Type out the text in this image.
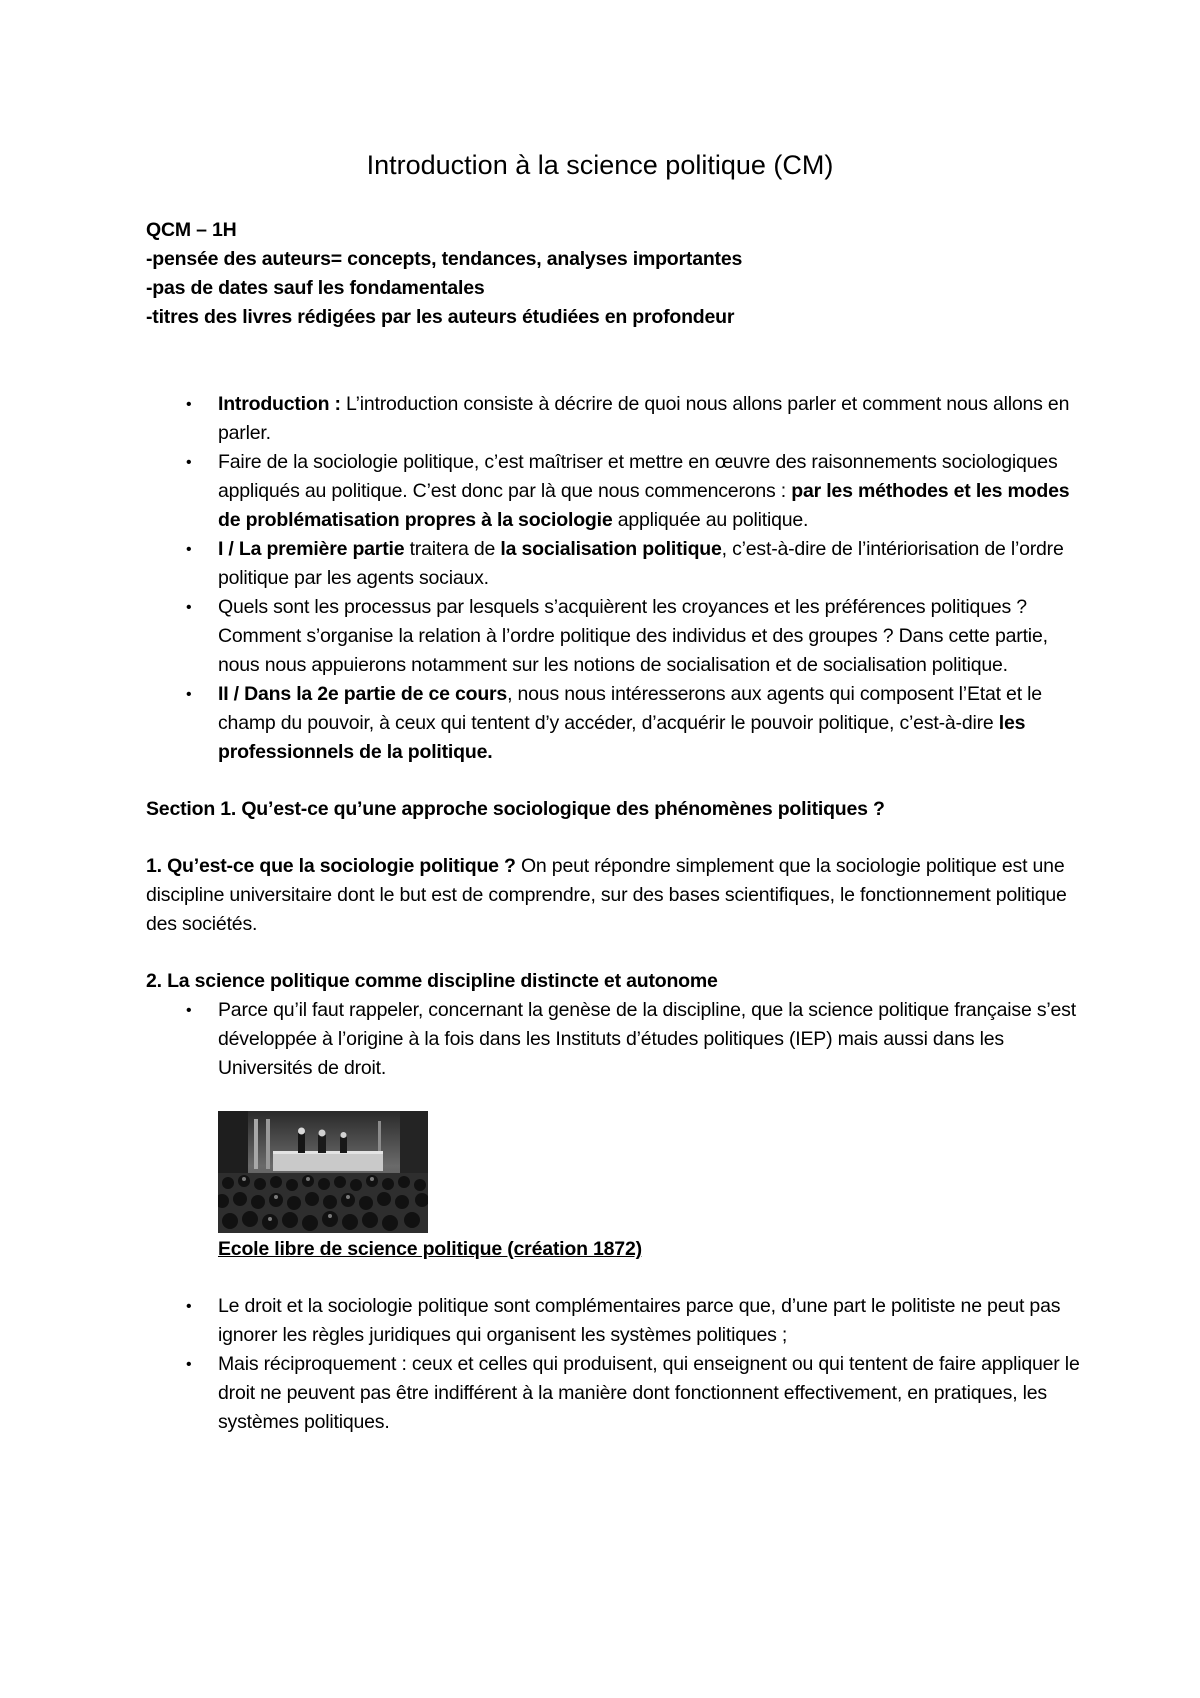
Introduction à la science politique (CM)

QCM – 1H

-pensée des auteurs= concepts, tendances, analyses importantes

-pas de dates sauf les fondamentales

-titres des livres rédigées par les auteurs étudiées en profondeur

• Introduction : L’introduction consiste à décrire de quoi nous allons parler et comment nous allons en parler.
• Faire de la sociologie politique, c’est maîtriser et mettre en œuvre des raisonnements sociologiques appliqués au politique. C’est donc par là que nous commencerons : par les méthodes et les modes de problématisation propres à la sociologie appliquée au politique.
• I / La première partie traitera de la socialisation politique, c’est-à-dire de l’intériorisation de l’ordre politique par les agents sociaux.
• Quels sont les processus par lesquels s’acquièrent les croyances et les préférences politiques ? Comment s’organise la relation à l’ordre politique des individus et des groupes ? Dans cette partie, nous nous appuierons notamment sur les notions de socialisation et de socialisation politique.
• II / Dans la 2e partie de ce cours, nous nous intéresserons aux agents qui composent l’Etat et le champ du pouvoir, à ceux qui tentent d’y accéder, d’acquérir le pouvoir politique, c’est-à-dire les professionnels de la politique.

Section 1. Qu’est-ce qu’une approche sociologique des phénomènes politiques ?

1. Qu’est-ce que la sociologie politique ? On peut répondre simplement que la sociologie politique est une discipline universitaire dont le but est de comprendre, sur des bases scientifiques, le fonctionnement politique des sociétés.

2. La science politique comme discipline distincte et autonome

• Parce qu’il faut rappeler, concernant la genèse de la discipline, que la science politique française s’est développée à l’origine à la fois dans les Instituts d’études politiques (IEP) mais aussi dans les Universités de droit.
Ecole libre de science politique (création 1872)
• Le droit et la sociologie politique sont complémentaires parce que, d’une part le politiste ne peut pas ignorer les règles juridiques qui organisent les systèmes politiques ;
• Mais réciproquement : ceux et celles qui produisent, qui enseignent ou qui tentent de faire appliquer le droit ne peuvent pas être indifférent à la manière dont fonctionnent effectivement, en pratiques, les systèmes politiques.
